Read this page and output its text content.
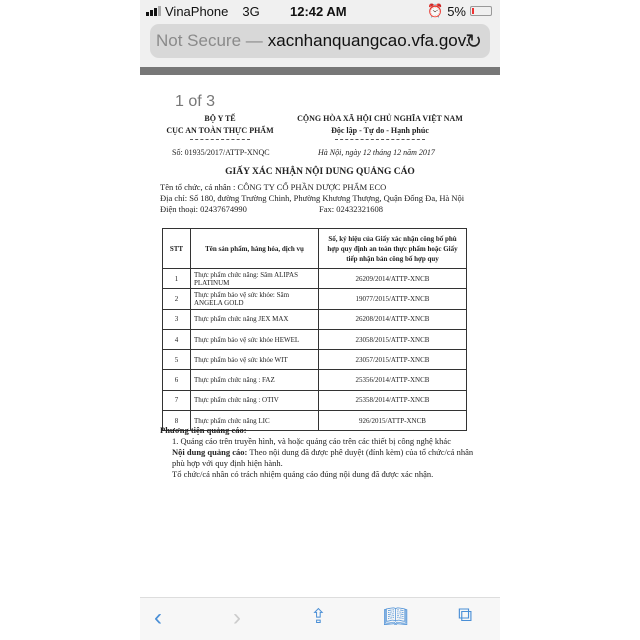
VinaPhone 3G 12:42 AM	⏰ 5%
Not Secure — xacnhanquangcao.vfa.gov.
↻
1 of 3
BỘ Y TẾ
CỤC AN TOÀN THỰC PHẨM
CỘNG HÒA XÃ HỘI CHỦ NGHĨA VIỆT NAM
Độc lập - Tự do - Hạnh phúc
Số: 01935/2017/ATTP-XNQC	Hà Nội, ngày 12 tháng 12 năm 2017
GIẤY XÁC NHẬN NỘI DUNG QUẢNG CÁO
Tên tổ chức, cá nhân : CÔNG TY CỔ PHẦN DƯỢC PHẨM ECO
Địa chỉ: Số 180, đường Trường Chinh, Phường Khương Thượng, Quận Đống Đa, Hà Nội
Điện thoại: 02437674990	Fax: 02432321608
STT	Tên sản phẩm, hàng hóa, dịch vụ	Số, ký hiệu của Giấy xác nhận công bố phù hợp quy định an toàn thực phẩm hoặc Giấy tiếp nhận bản công bố hợp quy
1	Thực phẩm chức năng: Sâm ALIPAS PLATINUM	26209/2014/ATTP-XNCB
2	Thực phẩm bảo vệ sức khỏe: Sâm ANGELA GOLD	19077/2015/ATTP-XNCB
3	Thực phẩm chức năng JEX MAX	26208/2014/ATTP-XNCB
4	Thực phẩm bảo vệ sức khỏe HEWEL	23058/2015/ATTP-XNCB
5	Thực phẩm bảo vệ sức khỏe WIT	23057/2015/ATTP-XNCB
6	Thực phẩm chức năng : FAZ	25356/2014/ATTP-XNCB
7	Thực phẩm chức năng : OTIV	25358/2014/ATTP-XNCB
8	Thực phẩm chức năng LIC	926/2015/ATTP-XNCB
Phương tiện quảng cáo:
1. Quảng cáo trên truyền hình, và hoặc quảng cáo trên các thiết bị công nghệ khác
Nội dung quảng cáo: Theo nội dung đã được phê duyệt (đính kèm) của tổ chức/cá nhân phù hợp với quy định hiện hành.
Tổ chức/cá nhân có trách nhiệm quảng cáo đúng nội dung đã được xác nhận.
‹	›	⇪	📖︎ ⧉
